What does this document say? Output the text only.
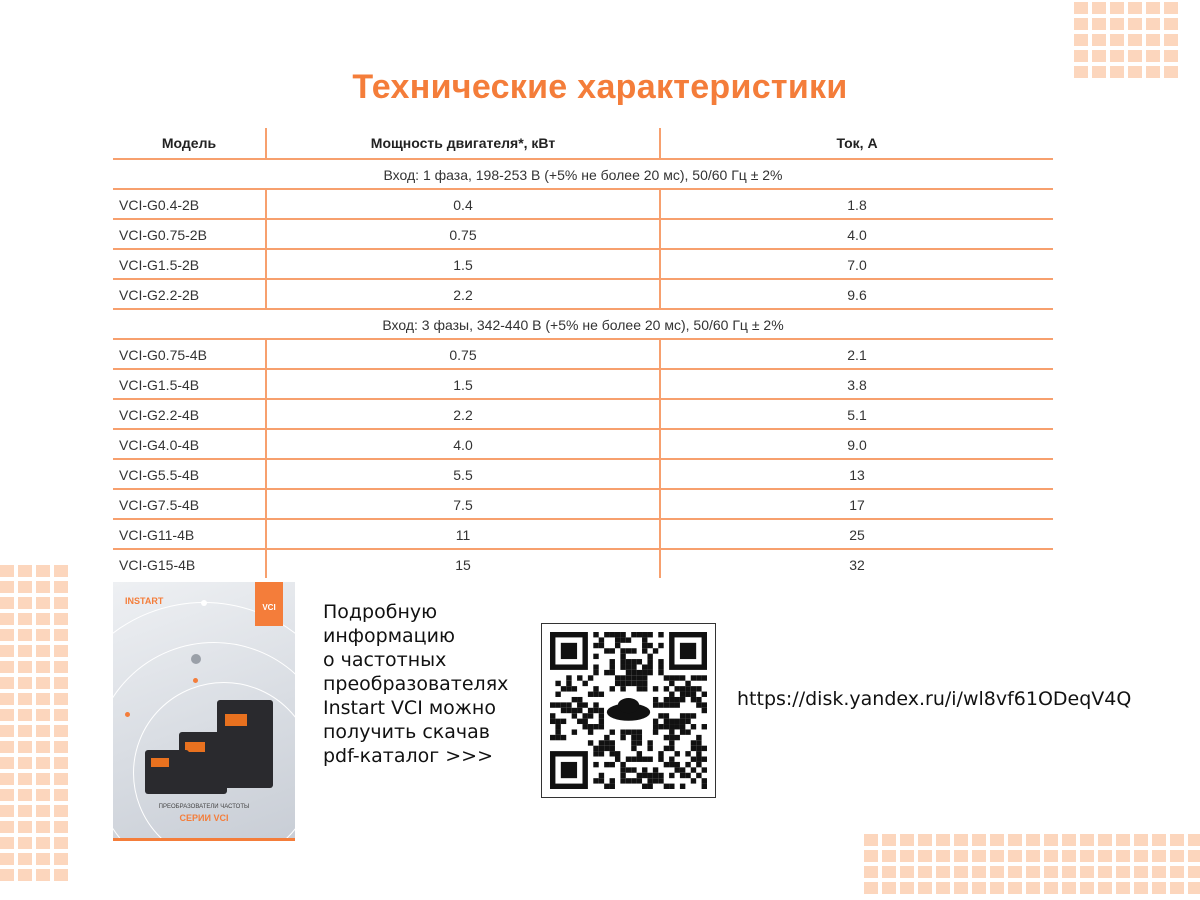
Технические характеристики
Модель	Мощность двигателя*, кВт	Ток, А
Вход: 1 фаза, 198-253 В (+5% не более 20 мс), 50/60 Гц ± 2%		
VCI-G0.4-2B	0.4	1.8
VCI-G0.75-2B	0.75	4.0
VCI-G1.5-2B	1.5	7.0
VCI-G2.2-2B	2.2	9.6
Вход: 3 фазы, 342-440 В (+5% не более 20 мс), 50/60 Гц ± 2%		
VCI-G0.75-4B	0.75	2.1
VCI-G1.5-4B	1.5	3.8
VCI-G2.2-4B	2.2	5.1
VCI-G4.0-4B	4.0	9.0
VCI-G5.5-4B	5.5	13
VCI-G7.5-4B	7.5	17
VCI-G11-4B	11	25
VCI-G15-4B	15	32
INSTART
VCI
ПРЕОБРАЗОВАТЕЛИ ЧАСТОТЫ
СЕРИИ VCI
Подробную
информацию
о частотных
преобразователях
Instart VCI можно
получить скачав
pdf-каталог >>>
https://disk.yandex.ru/i/wl8vf61ODeqV4Q
